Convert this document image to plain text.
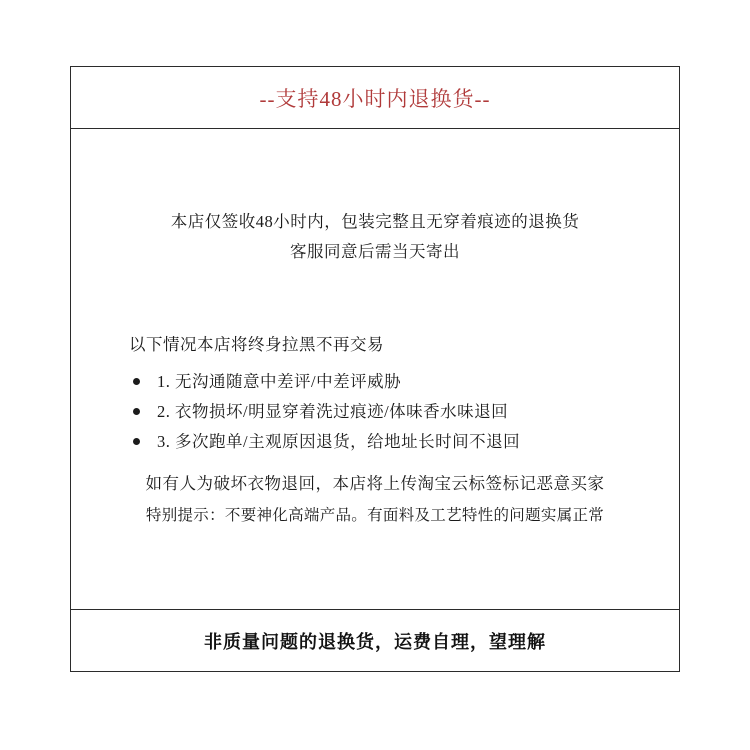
--支持48小时内退换货--
本店仅签收48小时内，包装完整且无穿着痕迹的退换货
客服同意后需当天寄出
以下情况本店将终身拉黑不再交易
1. 无沟通随意中差评/中差评威胁
2. 衣物损坏/明显穿着洗过痕迹/体味香水味退回
3. 多次跑单/主观原因退货，给地址长时间不退回
如有人为破坏衣物退回，本店将上传淘宝云标签标记恶意买家
特别提示：不要神化高端产品。有面料及工艺特性的问题实属正常
非质量问题的退换货，运费自理，望理解
